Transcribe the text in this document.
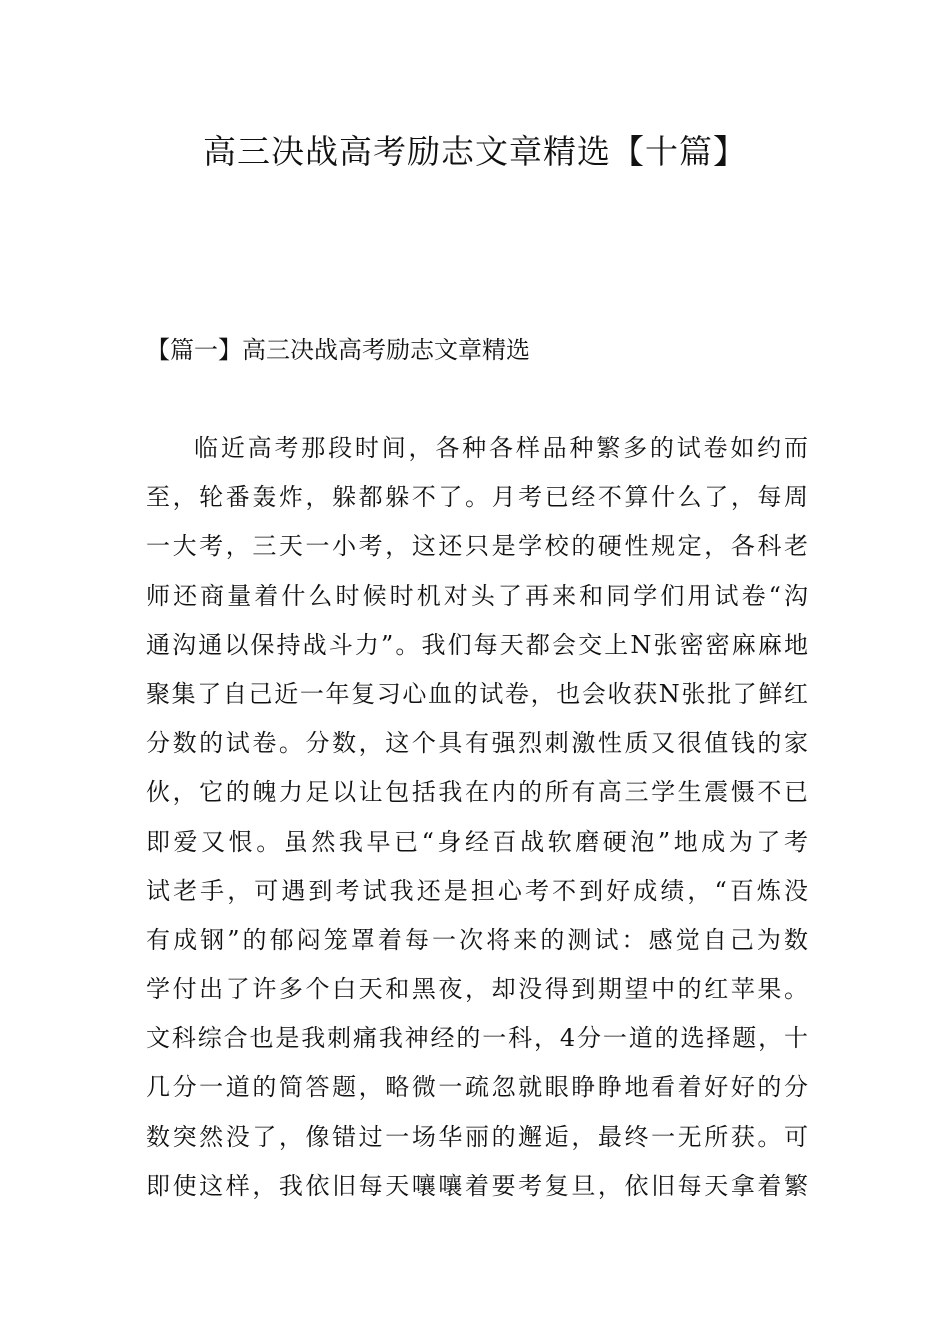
高三决战高考励志文章精选【十篇】
【篇一】高三决战高考励志文章精选
临近高考那段时间，各种各样品种繁多的试卷如约而
至，轮番轰炸，躲都躲不了。月考已经不算什么了，每周
一大考，三天一小考，这还只是学校的硬性规定，各科老
师还商量着什么时候时机对头了再来和同学们用试卷“沟
通沟通以保持战斗力”。我们每天都会交上N张密密麻麻地
聚集了自己近一年复习心血的试卷，也会收获N张批了鲜红
分数的试卷。分数，这个具有强烈刺激性质又很值钱的家
伙，它的魄力足以让包括我在内的所有高三学生震慑不已
即爱又恨。虽然我早已“身经百战软磨硬泡”地成为了考
试老手，可遇到考试我还是担心考不到好成绩，“百炼没
有成钢”的郁闷笼罩着每一次将来的测试：感觉自己为数
学付出了许多个白天和黑夜，却没得到期望中的红苹果。
文科综合也是我刺痛我神经的一科，4分一道的选择题，十
几分一道的简答题，略微一疏忽就眼睁睁地看着好好的分
数突然没了，像错过一场华丽的邂逅，最终一无所获。可
即使这样，我依旧每天嚷嚷着要考复旦，依旧每天拿着繁
